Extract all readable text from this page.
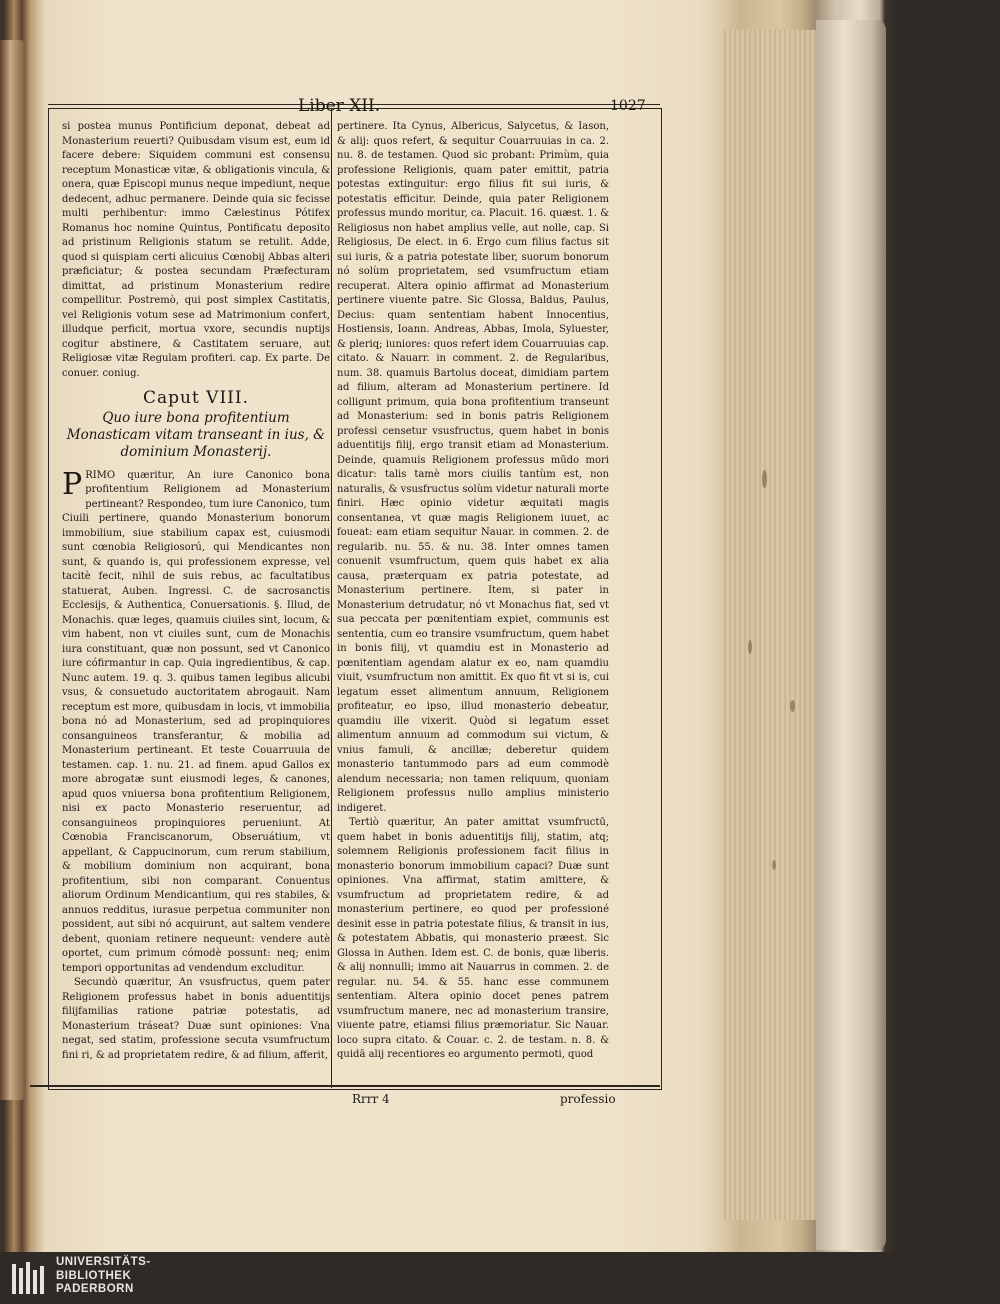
Liber XII.	1027

si postea munus Pontificium deponat, debeat ad Monasterium reuerti? Quibusdam visum est, eum id facere debere: Siquidem communi est consensu receptum Monasticæ vitæ, & obligationis vincula, & onera, quæ Episcopi munus neque impediunt, neque dedecent, adhuc permanere. Deinde quia sic fecisse multi perhibentur: immo Cælestinus Pótifex Romanus hoc nomine Quintus, Pontificatu deposito ad pristinum Religionis statum se retulit. Adde, quod si quispiam certi alicuius Cœnobij Abbas alteri præficiatur; & postea secundam Præfecturam dimittat, ad pristinum Monasterium redire compellitur. Postremò, qui post simplex Castitatis, vel Religionis votum sese ad Matrimonium confert, illudque perficit, mortua vxore, secundis nuptijs cogitur abstinere, & Castitatem seruare, aut Religiosæ vitæ Regulam profiteri. cap. Ex parte. De conuer. coniug.

Caput VIII.
Quo iure bona profitentium Monasticam vitam transeant in ius, & dominium Monasterij.

PRIMO quæritur, An iure Canonico bona profitentium Religionem ad Monasterium pertineant? Respondeo, tum iure Canonico, tum Ciuili pertinere, quando Monasterium bonorum immobilium, siue stabilium capax est, cuiusmodi sunt cœnobia Religiosorú, qui Mendicantes non sunt, & quando is, qui professionem expresse, vel tacitè fecit, nihil de suis rebus, ac facultatibus statuerat, Auben. Ingressi. C. de sacrosanctis Ecclesijs, & Authentica, Conuersationis. §. Illud, de Monachis. quæ leges, quamuis ciuiles sint, locum, & vim habent, non vt ciuiles sunt, cum de Monachis iura constituant, quæ non possunt, sed vt Canonico iure cófirmantur in cap. Quia ingredientibus, & cap. Nunc autem. 19. q. 3. quibus tamen legibus alicubi vsus, & consuetudo auctoritatem abrogauit. Nam receptum est more, quibusdam in locis, vt immobilia bona nó ad Monasterium, sed ad propinquiores consanguineos transferantur, & mobilia ad Monasterium pertineant. Et teste Couarruuia de testamen. cap. 1. nu. 21. ad finem. apud Gallos ex more abrogatæ sunt eiusmodi leges, & canones, apud quos vniuersa bona profitentium Religionem, nisi ex pacto Monasterio reseruentur, ad consanguineos propinquiores perueniunt. At Cœnobia Franciscanorum, Obseruátium, vt appellant, & Cappucinorum, cum rerum stabilium, & mobilium dominium non acquirant, bona profitentium, sibi non comparant. Conuentus aliorum Ordinum Mendicantium, qui res stabiles, & annuos redditus, iurasue perpetua communiter non possident, aut sibi nó acquirunt, aut saltem vendere debent, quoniam retinere nequeunt: vendere autè oportet, cum primum cómodè possunt: neq; enim tempori opportunitas ad vendendum excluditur.

Secundò quæritur, An vsusfructus, quem pater Religionem professus habet in bonis aduentitijs filijfamilias ratione patriæ potestatis, ad Monasterium tráseat? Duæ sunt opiniones: Vna negat, sed statim, professione secuta vsumfructum fini ri, & ad proprietatem redire, & ad filium, afferit,

pertinere. Ita Cynus, Albericus, Salycetus, & Iason, & alij: quos refert, & sequitur Couarruuias in ca. 2. nu. 8. de testamen. Quod sic probant: Primùm, quia professione Religionis, quam pater emittit, patria potestas extinguitur: ergo filius fit sui iuris, & potestatis efficitur. Deinde, quia pater Religionem professus mundo moritur, ca. Placuit. 16. quæst. 1. & Religiosus non habet amplius velle, aut nolle, cap. Si Religiosus, De elect. in 6. Ergo cum filius factus sit sui iuris, & a patria potestate liber, suorum bonorum nó solùm proprietatem, sed vsumfructum etiam recuperat. Altera opinio affirmat ad Monasterium pertinere viuente patre. Sic Glossa, Baldus, Paulus, Decius: quam sententiam habent Innocentius, Hostiensis, Ioann. Andreas, Abbas, Imola, Syluester, & pleriq; iuniores: quos refert idem Couarruuias cap. citato. & Nauarr. in comment. 2. de Regularibus, num. 38. quamuis Bartolus doceat, dimidiam partem ad filium, alteram ad Monasterium pertinere. Id colligunt primum, quia bona profitentium transeunt ad Monasterium: sed in bonis patris Religionem professi censetur vsusfructus, quem habet in bonis aduentitijs filij, ergo transit etiam ad Monasterium. Deinde, quamuis Religionem professus mūdo mori dicatur: talis tamè mors ciuilis tantùm est, non naturalis, & vsusfructus solùm videtur naturali morte finiri. Hæc opinio videtur æquitati magis consentanea, vt quæ magis Religionem iuuet, ac foueat: eam etiam sequitur Nauar. in commen. 2. de regularib. nu. 55. & nu. 38. Inter omnes tamen conuenit vsumfructum, quem quis habet ex alia causa, præterquam ex patria potestate, ad Monasterium pertinere. Item, si pater in Monasterium detrudatur, nó vt Monachus fiat, sed vt sua peccata per pœnitentiam expiet, communis est sententia, cum eo transire vsumfructum, quem habet in bonis filij, vt quamdiu est in Monasterio ad pœnitentiam agendam alatur ex eo, nam quamdiu viuit, vsumfructum non amittit. Ex quo fit vt si is, cui legatum esset alimentum annuum, Religionem profiteatur, eo ipso, illud monasterio debeatur, quamdiu ille vixerit. Quòd si legatum esset alimentum annuum ad commodum sui victum, & vnius famuli, & ancillæ; deberetur quidem monasterio tantummodo pars ad eum commodè alendum necessaria; non tamen reliquum, quoniam Religionem professus nullo amplius ministerio indigeret.

Tertiò quæritur, An pater amittat vsumfructū, quem habet in bonis aduentitijs filij, statim, atq; solemnem Religionis professionem facit filius in monasterio bonorum immobilium capaci? Duæ sunt opiniones. Vna affirmat, statim amittere, & vsumfructum ad proprietatem redire, & ad monasterium pertinere, eo quod per professioné desinit esse in patria potestate filius, & transit in ius, & potestatem Abbatis, qui monasterio præest. Sic Glossa in Authen. Idem est. C. de bonis, quæ liberis. & alij nonnulli; immo ait Nauarrus in commen. 2. de regular. nu. 54. & 55. hanc esse communem sententiam. Altera opinio docet penes patrem vsumfructum manere, nec ad monasterium transire, viuente patre, etiamsi filius præmoriatur. Sic Nauar. loco supra citato. & Couar. c. 2. de testam. n. 8. & quidā alij recentiores eo argumento permoti, quod

Rrrr 4	professio
UNIVERSITÄTS-
BIBLIOTHEK
PADERBORN
